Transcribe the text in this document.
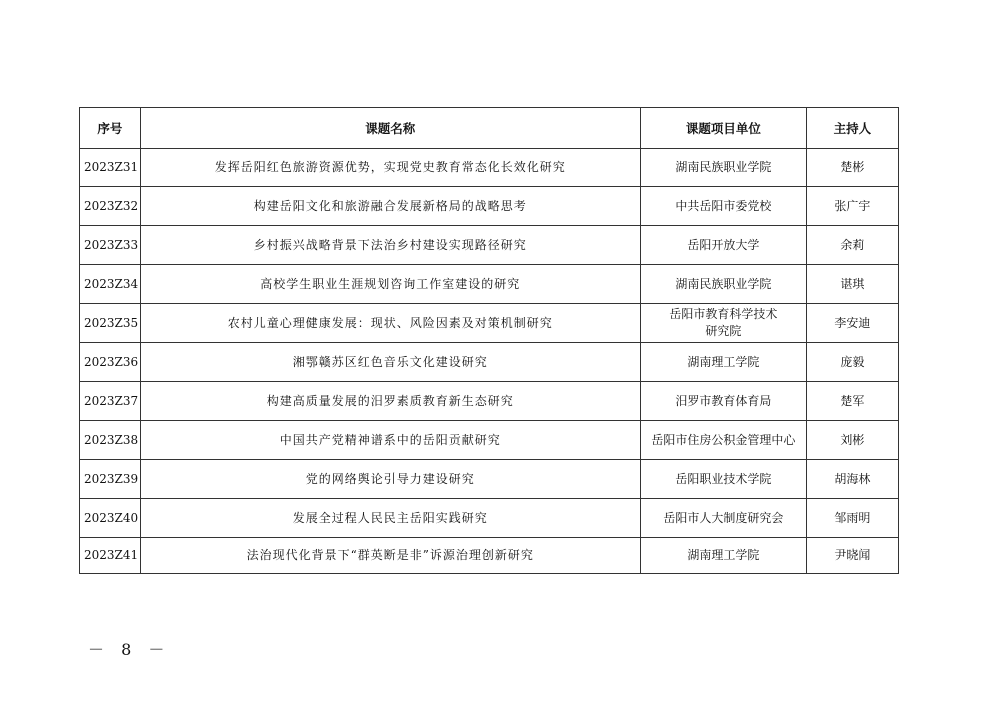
序号	课题名称	课题项目单位	主持人
2023Z31	发挥岳阳红色旅游资源优势，实现党史教育常态化长效化研究	湖南民族职业学院	楚彬
2023Z32	构建岳阳文化和旅游融合发展新格局的战略思考	中共岳阳市委党校	张广宇
2023Z33	乡村振兴战略背景下法治乡村建设实现路径研究	岳阳开放大学	余莉
2023Z34	高校学生职业生涯规划咨询工作室建设的研究	湖南民族职业学院	谌琪
2023Z35	农村儿童心理健康发展：现状、风险因素及对策机制研究	岳阳市教育科学技术研究院	李安迪
2023Z36	湘鄂赣苏区红色音乐文化建设研究	湖南理工学院	庞毅
2023Z37	构建高质量发展的汨罗素质教育新生态研究	汨罗市教育体育局	楚军
2023Z38	中国共产党精神谱系中的岳阳贡献研究	岳阳市住房公积金管理中心	刘彬
2023Z39	党的网络舆论引导力建设研究	岳阳职业技术学院	胡海林
2023Z40	发展全过程人民民主岳阳实践研究	岳阳市人大制度研究会	邹雨明
2023Z41	法治现代化背景下“群英断是非”诉源治理创新研究	湖南理工学院	尹晓闻
－ 8 －
